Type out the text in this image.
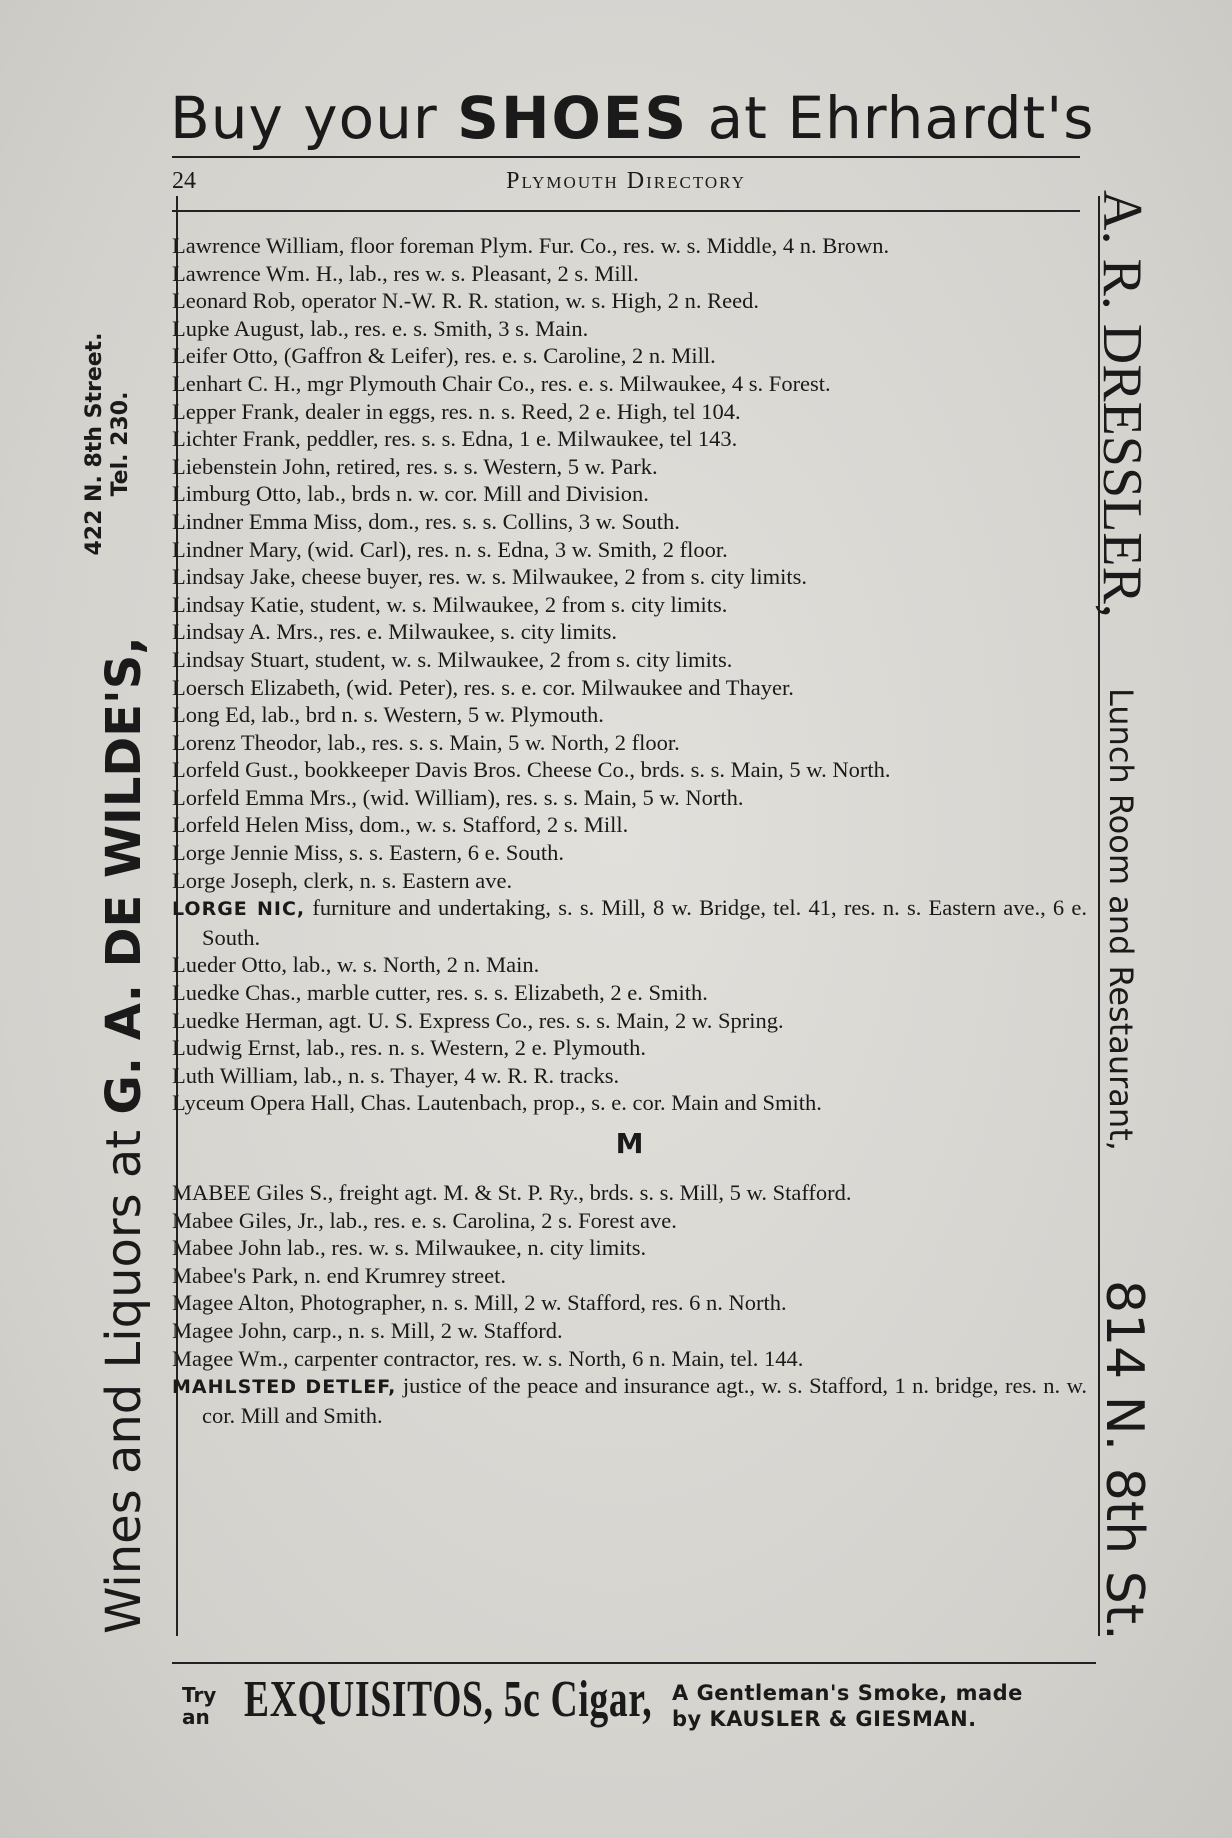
Buy your SHOES at Ehrhardt's
24	Plymouth Directory
Wines and Liquors at G. A. DE WILDE'S,
422 N. 8th Street. Tel. 230.	A. R. DRESSLER,
Lunch Room and Restaurant,
814 N. 8th St.
Lawrence William, floor foreman Plym. Fur. Co., res. w. s. Middle, 4 n. Brown.
Lawrence Wm. H., lab., res w. s. Pleasant, 2 s. Mill.
Leonard Rob, operator N.-W. R. R. station, w. s. High, 2 n. Reed.
Lupke August, lab., res. e. s. Smith, 3 s. Main.
Leifer Otto, (Gaffron & Leifer), res. e. s. Caroline, 2 n. Mill.
Lenhart C. H., mgr Plymouth Chair Co., res. e. s. Milwaukee, 4 s. Forest.
Lepper Frank, dealer in eggs, res. n. s. Reed, 2 e. High, tel 104.
Lichter Frank, peddler, res. s. s. Edna, 1 e. Milwaukee, tel 143.
Liebenstein John, retired, res. s. s. Western, 5 w. Park.
Limburg Otto, lab., brds n. w. cor. Mill and Division.
Lindner Emma Miss, dom., res. s. s. Collins, 3 w. South.
Lindner Mary, (wid. Carl), res. n. s. Edna, 3 w. Smith, 2 floor.
Lindsay Jake, cheese buyer, res. w. s. Milwaukee, 2 from s. city limits.
Lindsay Katie, student, w. s. Milwaukee, 2 from s. city limits.
Lindsay A. Mrs., res. e. Milwaukee, s. city limits.
Lindsay Stuart, student, w. s. Milwaukee, 2 from s. city limits.
Loersch Elizabeth, (wid. Peter), res. s. e. cor. Milwaukee and Thayer.
Long Ed, lab., brd n. s. Western, 5 w. Plymouth.
Lorenz Theodor, lab., res. s. s. Main, 5 w. North, 2 floor.
Lorfeld Gust., bookkeeper Davis Bros. Cheese Co., brds. s. s. Main, 5 w. North.
Lorfeld Emma Mrs., (wid. William), res. s. s. Main, 5 w. North.
Lorfeld Helen Miss, dom., w. s. Stafford, 2 s. Mill.
Lorge Jennie Miss, s. s. Eastern, 6 e. South.
Lorge Joseph, clerk, n. s. Eastern ave.
LORGE NIC, furniture and undertaking, s. s. Mill, 8 w. Bridge, tel. 41, res. n. s. Eastern ave., 6 e. South.
Lueder Otto, lab., w. s. North, 2 n. Main.
Luedke Chas., marble cutter, res. s. s. Elizabeth, 2 e. Smith.
Luedke Herman, agt. U. S. Express Co., res. s. s. Main, 2 w. Spring.
Ludwig Ernst, lab., res. n. s. Western, 2 e. Plymouth.
Luth William, lab., n. s. Thayer, 4 w. R. R. tracks.
Lyceum Opera Hall, Chas. Lautenbach, prop., s. e. cor. Main and Smith.
M
MABEE Giles S., freight agt. M. & St. P. Ry., brds. s. s. Mill, 5 w. Stafford.
Mabee Giles, Jr., lab., res. e. s. Carolina, 2 s. Forest ave.
Mabee John lab., res. w. s. Milwaukee, n. city limits.
Mabee's Park, n. end Krumrey street.
Magee Alton, Photographer, n. s. Mill, 2 w. Stafford, res. 6 n. North.
Magee John, carp., n. s. Mill, 2 w. Stafford.
Magee Wm., carpenter contractor, res. w. s. North, 6 n. Main, tel. 144.
MAHLSTED DETLEF, justice of the peace and insurance agt., w. s. Stafford, 1 n. bridge, res. n. w. cor. Mill and Smith.
Try
an EXQUISITOS, 5c Cigar, A Gentleman's Smoke, made
by KAUSLER & GIESMAN.
